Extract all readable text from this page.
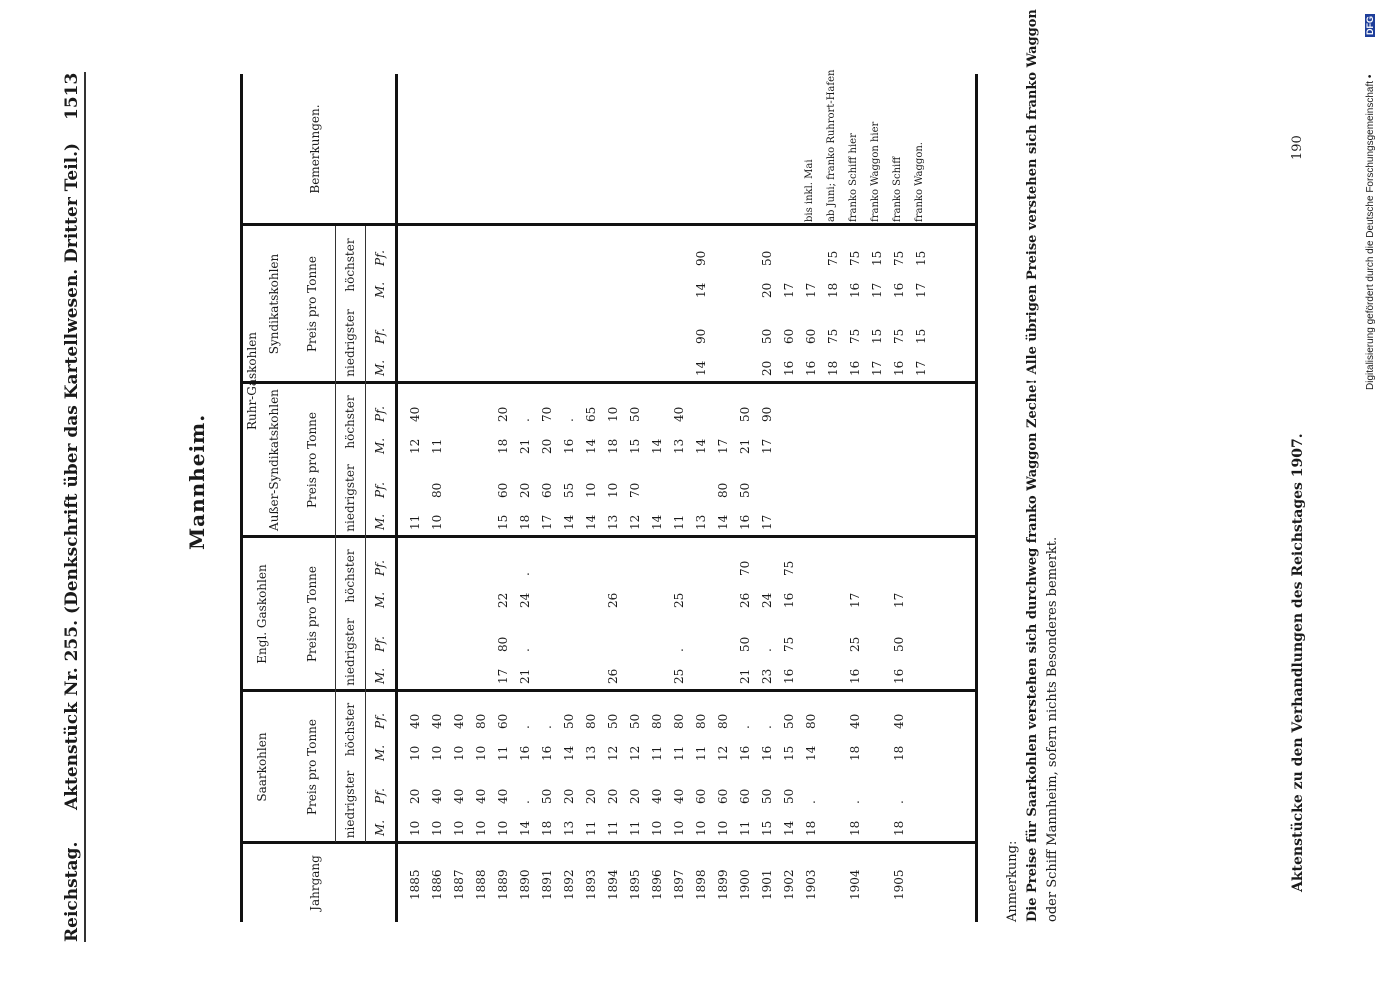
Reichstag.
Aktenstück Nr. 255. (Denkschrift über das Kartellwesen. Dritter Teil.)
1513
Mannheim.
Jahrgang
Saarkohlen
Engl. Gaskohlen
Ruhr-Gaskohlen
Außer-Syndikatskohlen
Syndikatskohlen
Bemerkungen.
Preis pro Tonne
Preis pro Tonne
Preis pro Tonne
Preis pro Tonne
niedrigster
höchster
niedrigster
höchster
niedrigster
höchster
niedrigster
höchster
M.
Pf.
M.
Pf.
M.
Pf.
M.
Pf.
M.
Pf.
M.
Pf.
M.
Pf.
M.
Pf.
1885
10
20
10
40
11
12
40
1886
10
40
10
40
10
80
11
1887
10
40
10
40
1888
10
40
10
80
1889
10
40
11
60
17
80
22
15
60
18
20
1890
14
.
16
.
21
.
24
.
18
20
21
.
1891
18
50
16
.
17
60
20
70
1892
13
20
14
50
14
55
16
.
1893
11
20
13
80
14
10
14
65
1894
11
20
12
50
26
26
13
10
18
10
1895
11
20
12
50
12
70
15
50
1896
10
40
11
80
14
14
1897
10
40
11
80
25
.
25
11
13
40
1898
10
60
11
80
13
14
14
90
14
90
1899
10
60
12
80
14
80
17
1900
11
60
16
.
21
50
26
70
16
50
21
50
1901
15
50
16
.
23
.
24
17
17
90
20
50
20
50
1902
14
50
15
50
16
75
16
75
16
60
17
1903
18
.
14
80
16
60
17
bis inkl. Mai
18
75
18
75
ab Juni; franko Ruhrort-Hafen
1904
18
.
18
40
16
25
17
16
75
16
75
franko Schiff hier
17
15
17
15
franko Waggon hier
1905
18
.
18
40
16
50
17
16
75
16
75
franko Schiff
17
15
17
15
franko Waggon.
Anmerkung: Die Preise für Saarkohlen verstehen sich durchweg franko Waggon Zeche! Alle übrigen Preise verstehen sich franko Waggon oder Schiff Mannheim, sofern nichts Besonderes bemerkt.	Aktenstücke zu den Verhandlungen des Reichstages 1907.
190	Digitalisierung gefördert durch die Deutsche Forschungsgemeinschaft •
DFG
